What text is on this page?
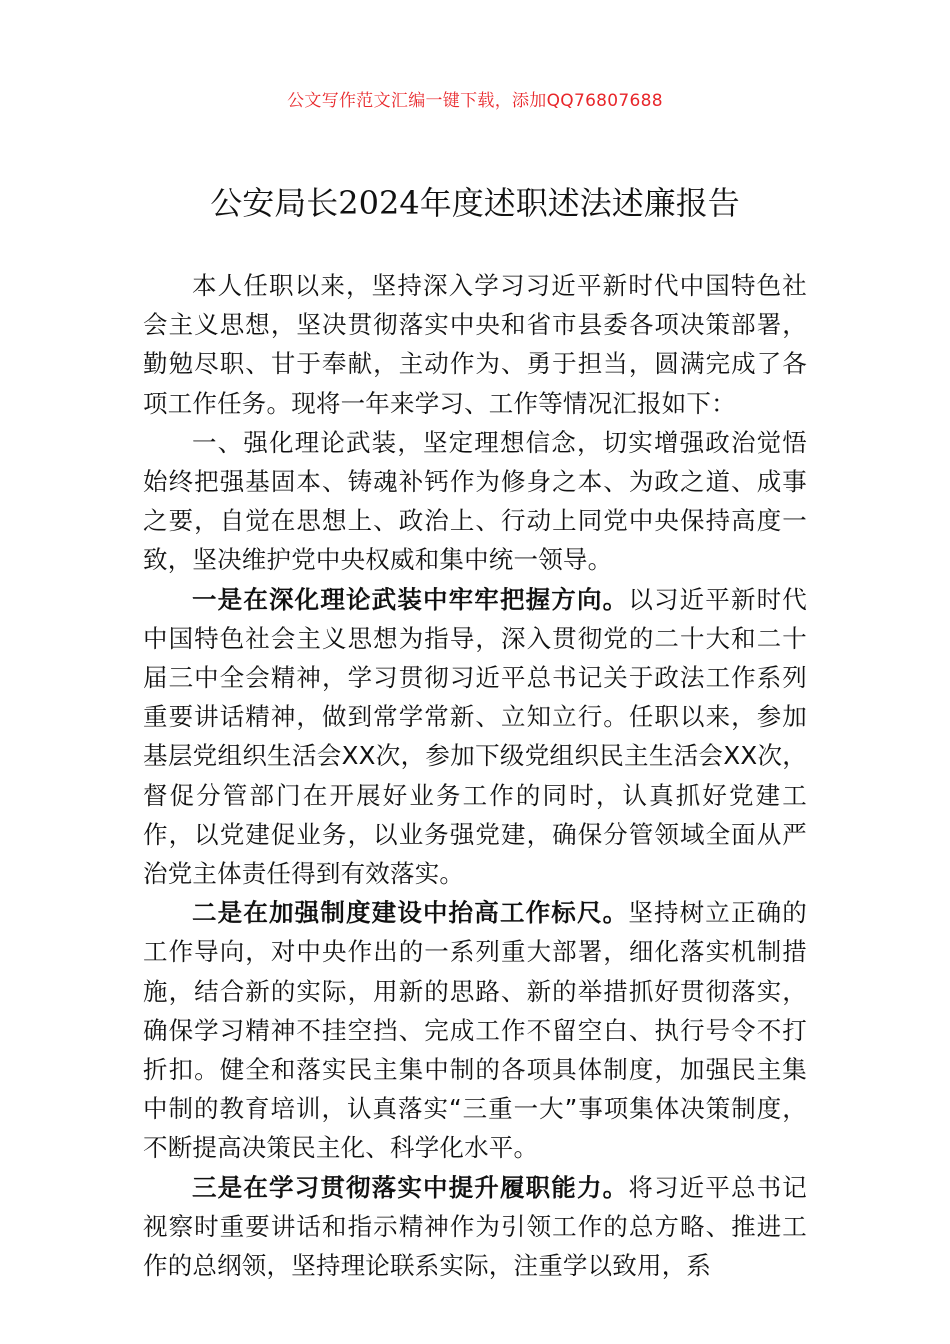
公文写作范文汇编一键下载，添加QQ76807688
公安局长2024年度述职述法述廉报告

本人任职以来，坚持深入学习习近平新时代中国特色社会主义思想，坚决贯彻落实中央和省市县委各项决策部署，勤勉尽职、甘于奉献，主动作为、勇于担当，圆满完成了各项工作任务。现将一年来学习、工作等情况汇报如下：

一、强化理论武装，坚定理想信念，切实增强政治觉悟始终把强基固本、铸魂补钙作为修身之本、为政之道、成事之要，自觉在思想上、政治上、行动上同党中央保持高度一致，坚决维护党中央权威和集中统一领导。

一是在深化理论武装中牢牢把握方向。以习近平新时代中国特色社会主义思想为指导，深入贯彻党的二十大和二十届三中全会精神，学习贯彻习近平总书记关于政法工作系列重要讲话精神，做到常学常新、立知立行。任职以来，参加基层党组织生活会XX次，参加下级党组织民主生活会XX次，督促分管部门在开展好业务工作的同时，认真抓好党建工作，以党建促业务，以业务强党建，确保分管领域全面从严治党主体责任得到有效落实。

二是在加强制度建设中抬高工作标尺。坚持树立正确的工作导向，对中央作出的一系列重大部署，细化落实机制措施，结合新的实际，用新的思路、新的举措抓好贯彻落实，确保学习精神不挂空挡、完成工作不留空白、执行号令不打折扣。健全和落实民主集中制的各项具体制度，加强民主集中制的教育培训，认真落实“三重一大”事项集体决策制度，不断提高决策民主化、科学化水平。

三是在学习贯彻落实中提升履职能力。将习近平总书记视察时重要讲话和指示精神作为引领工作的总方略、推进工作的总纲领，坚持理论联系实际，注重学以致用，系
